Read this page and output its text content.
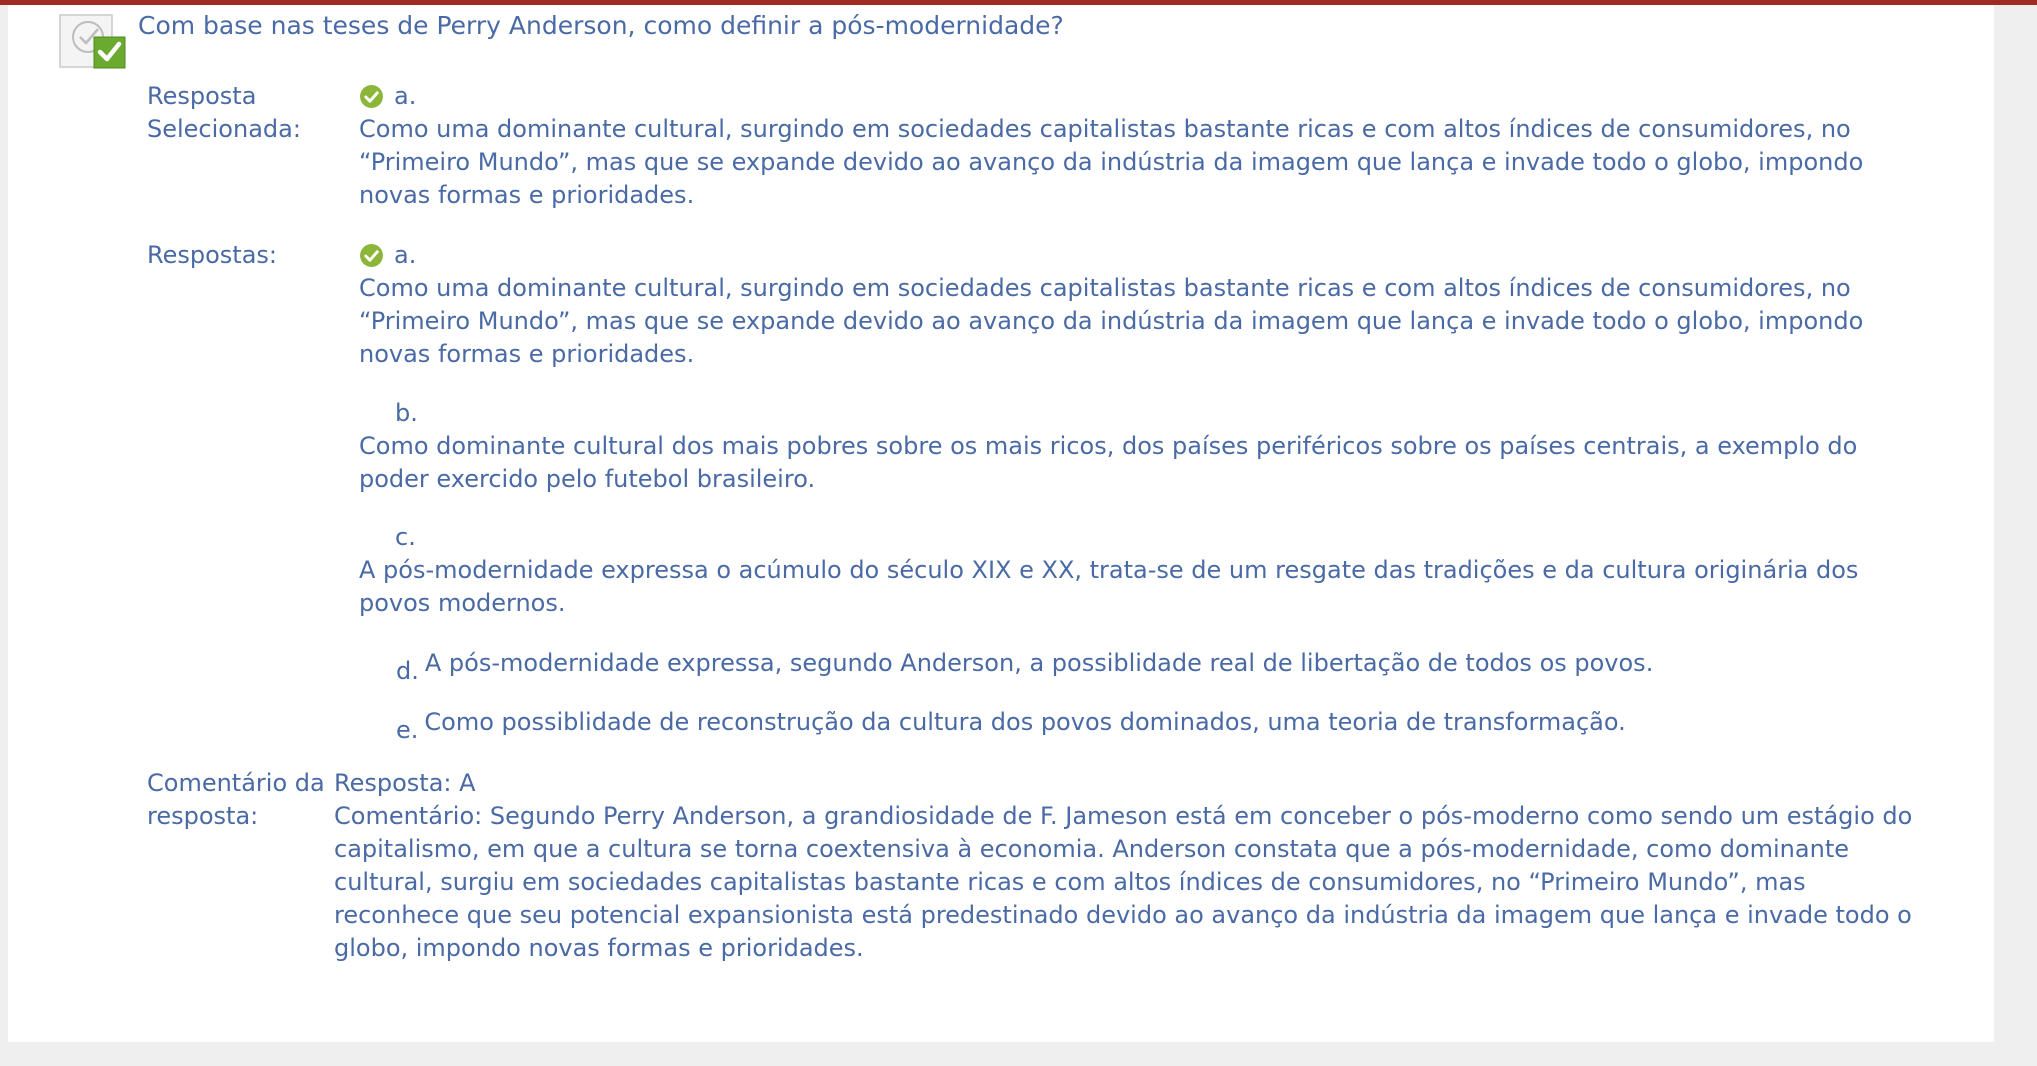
Com base nas teses de Perry Anderson, como definir a pós-modernidade?
Resposta
Selecionada:
a.
Como uma dominante cultural, surgindo em sociedades capitalistas bastante ricas e com altos índices de consumidores, no “Primeiro Mundo”, mas que se expande devido ao avanço da indústria da imagem que lança e invade todo o globo, impondo novas formas e prioridades.
Respostas:	a.
Como uma dominante cultural, surgindo em sociedades capitalistas bastante ricas e com altos índices de consumidores, no “Primeiro Mundo”, mas que se expande devido ao avanço da indústria da imagem que lança e invade todo o globo, impondo novas formas e prioridades.
b.
Como dominante cultural dos mais pobres sobre os mais ricos, dos países periféricos sobre os países centrais, a exemplo do poder exercido pelo futebol brasileiro.
c.
A pós-modernidade expressa o acúmulo do século XIX e XX, trata-se de um resgate das tradições e da cultura originária dos povos modernos.
d. A pós-modernidade expressa, segundo Anderson, a possiblidade real de libertação de todos os povos.
e. Como possiblidade de reconstrução da cultura dos povos dominados, uma teoria de transformação.
Comentário da
resposta:
Resposta: A
Comentário: Segundo Perry Anderson, a grandiosidade de F. Jameson está em conceber o pós-moderno como sendo um estágio do capitalismo, em que a cultura se torna coextensiva à economia. Anderson constata que a pós-modernidade, como dominante cultural, surgiu em sociedades capitalistas bastante ricas e com altos índices de consumidores, no “Primeiro Mundo”, mas reconhece que seu potencial expansionista está predestinado devido ao avanço da indústria da imagem que lança e invade todo o globo, impondo novas formas e prioridades.
